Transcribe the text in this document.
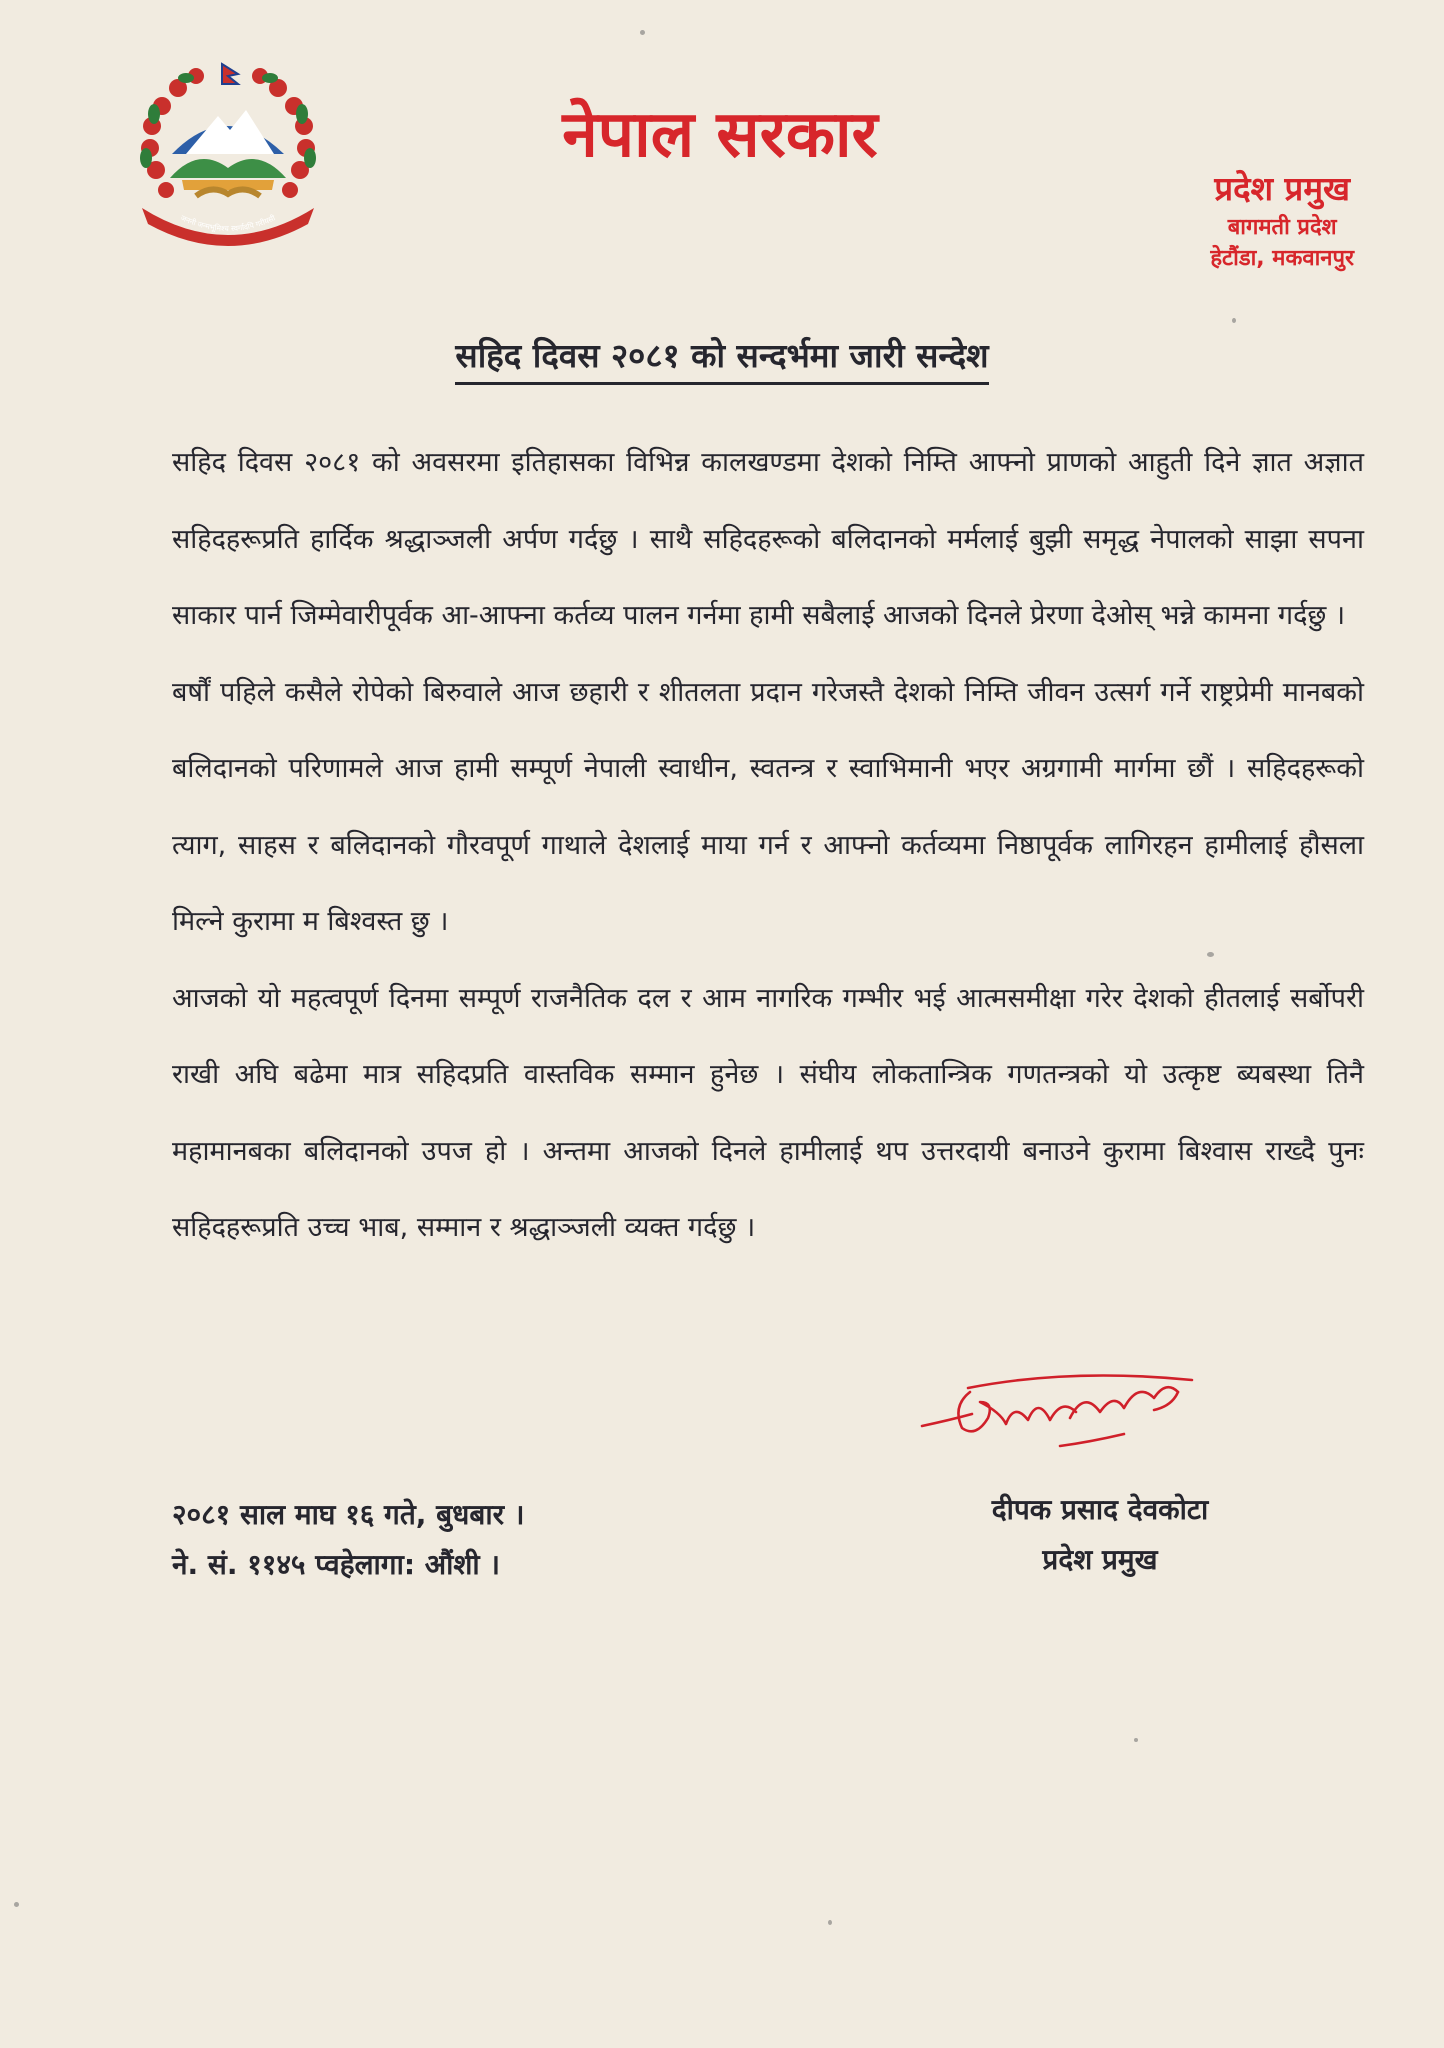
जननी जन्मभूमिश्च स्वर्गादपि गरीयसी
नेपाल सरकार
प्रदेश प्रमुख
बागमती प्रदेश
हेटौंडा, मकवानपुर
सहिद दिवस २०८१ को सन्दर्भमा जारी सन्देश

सहिद दिवस २०८१ को अवसरमा इतिहासका विभिन्न कालखण्डमा देशको निम्ति आफ्नो प्राणको आहुती दिने ज्ञात अज्ञात सहिदहरूप्रति हार्दिक श्रद्धाञ्जली अर्पण गर्दछु । साथै सहिदहरूको बलिदानको मर्मलाई बुझी समृद्ध नेपालको साझा सपना साकार पार्न जिम्मेवारीपूर्वक आ-आफ्ना कर्तव्य पालन गर्नमा हामी सबैलाई आजको दिनले प्रेरणा देओस् भन्ने कामना गर्दछु ।

बर्षौं पहिले कसैले रोपेको बिरुवाले आज छहारी र शीतलता प्रदान गरेजस्तै देशको निम्ति जीवन उत्सर्ग गर्ने राष्ट्रप्रेमी मानबको बलिदानको परिणामले आज हामी सम्पूर्ण नेपाली स्वाधीन, स्वतन्त्र र स्वाभिमानी भएर अग्रगामी मार्गमा छौं । सहिदहरूको त्याग, साहस र बलिदानको गौरवपूर्ण गाथाले देशलाई माया गर्न र आफ्नो कर्तव्यमा निष्ठापूर्वक लागिरहन हामीलाई हौसला मिल्ने कुरामा म बिश्वस्त छु ।

आजको यो महत्वपूर्ण दिनमा सम्पूर्ण राजनैतिक दल र आम नागरिक गम्भीर भई आत्मसमीक्षा गरेर देशको हीतलाई सर्बोपरी राखी अघि बढेमा मात्र सहिदप्रति वास्तविक सम्मान हुनेछ । संघीय लोकतान्त्रिक गणतन्त्रको यो उत्कृष्ट ब्यबस्था तिनै महामानबका बलिदानको उपज हो । अन्तमा आजको दिनले हामीलाई थप उत्तरदायी बनाउने कुरामा बिश्वास राख्दै पुनः सहिदहरूप्रति उच्च भाब, सम्मान र श्रद्धाञ्जली व्यक्त गर्दछु ।

२०८१ साल माघ १६ गते, बुधबार ।
ने. सं. ११४५ प्वहेलागा: औंशी ।
दीपक प्रसाद देवकोटा
प्रदेश प्रमुख
